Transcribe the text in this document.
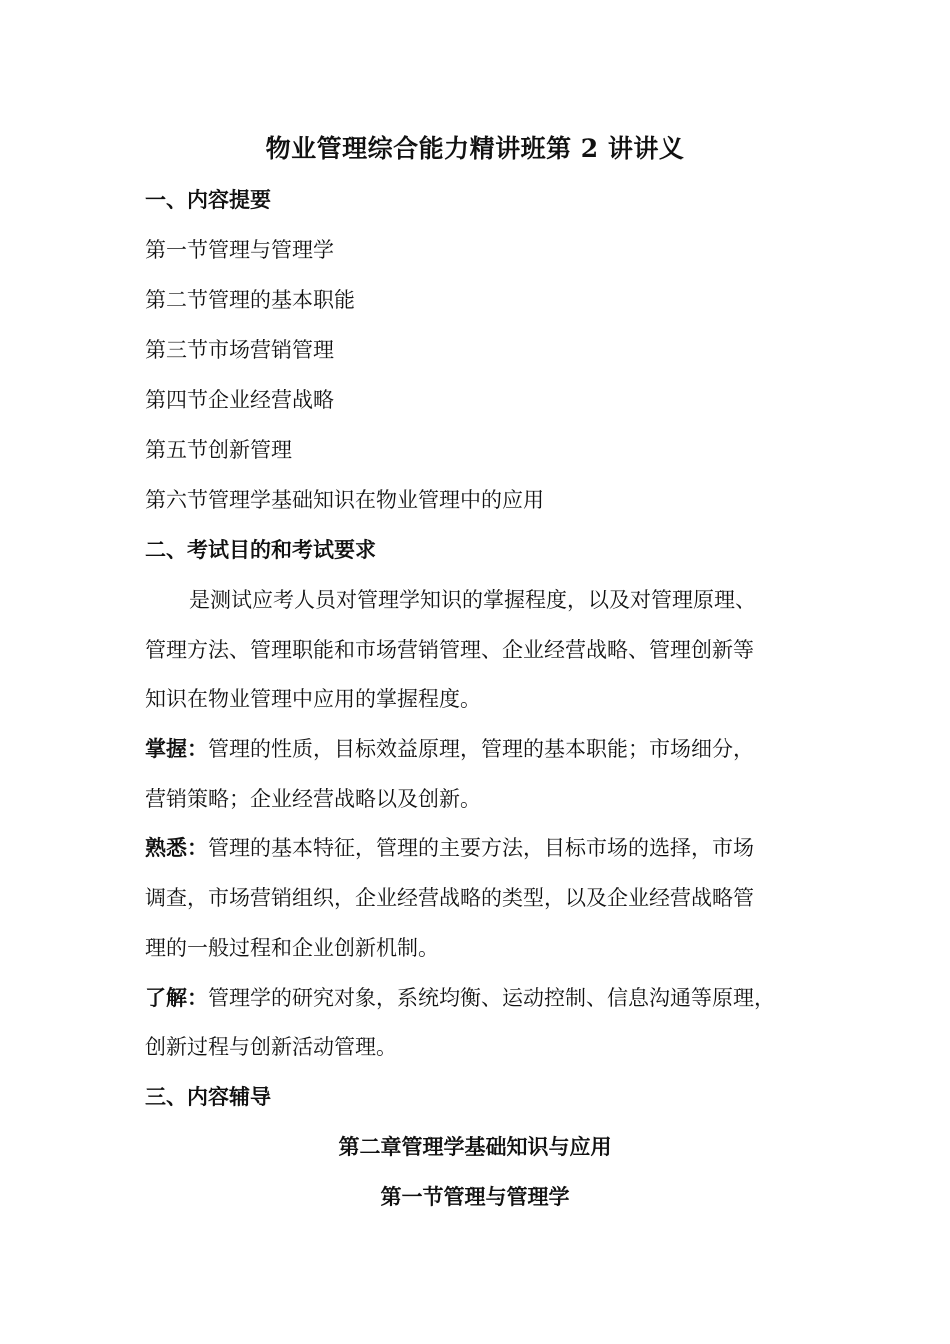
物业管理综合能力精讲班第 2 讲讲义
一、内容提要
第一节管理与管理学
第二节管理的基本职能
第三节市场营销管理
第四节企业经营战略
第五节创新管理
第六节管理学基础知识在物业管理中的应用
二、考试目的和考试要求
是测试应考人员对管理学知识的掌握程度，以及对管理原理、
管理方法、管理职能和市场营销管理、企业经营战略、管理创新等
知识在物业管理中应用的掌握程度。
掌握：管理的性质，目标效益原理，管理的基本职能；市场细分，
营销策略；企业经营战略以及创新。
熟悉：管理的基本特征，管理的主要方法，目标市场的选择，市场
调查，市场营销组织，企业经营战略的类型，以及企业经营战略管
理的一般过程和企业创新机制。
了解：管理学的研究对象，系统均衡、运动控制、信息沟通等原理，
创新过程与创新活动管理。
三、内容辅导
第二章管理学基础知识与应用
第一节管理与管理学
